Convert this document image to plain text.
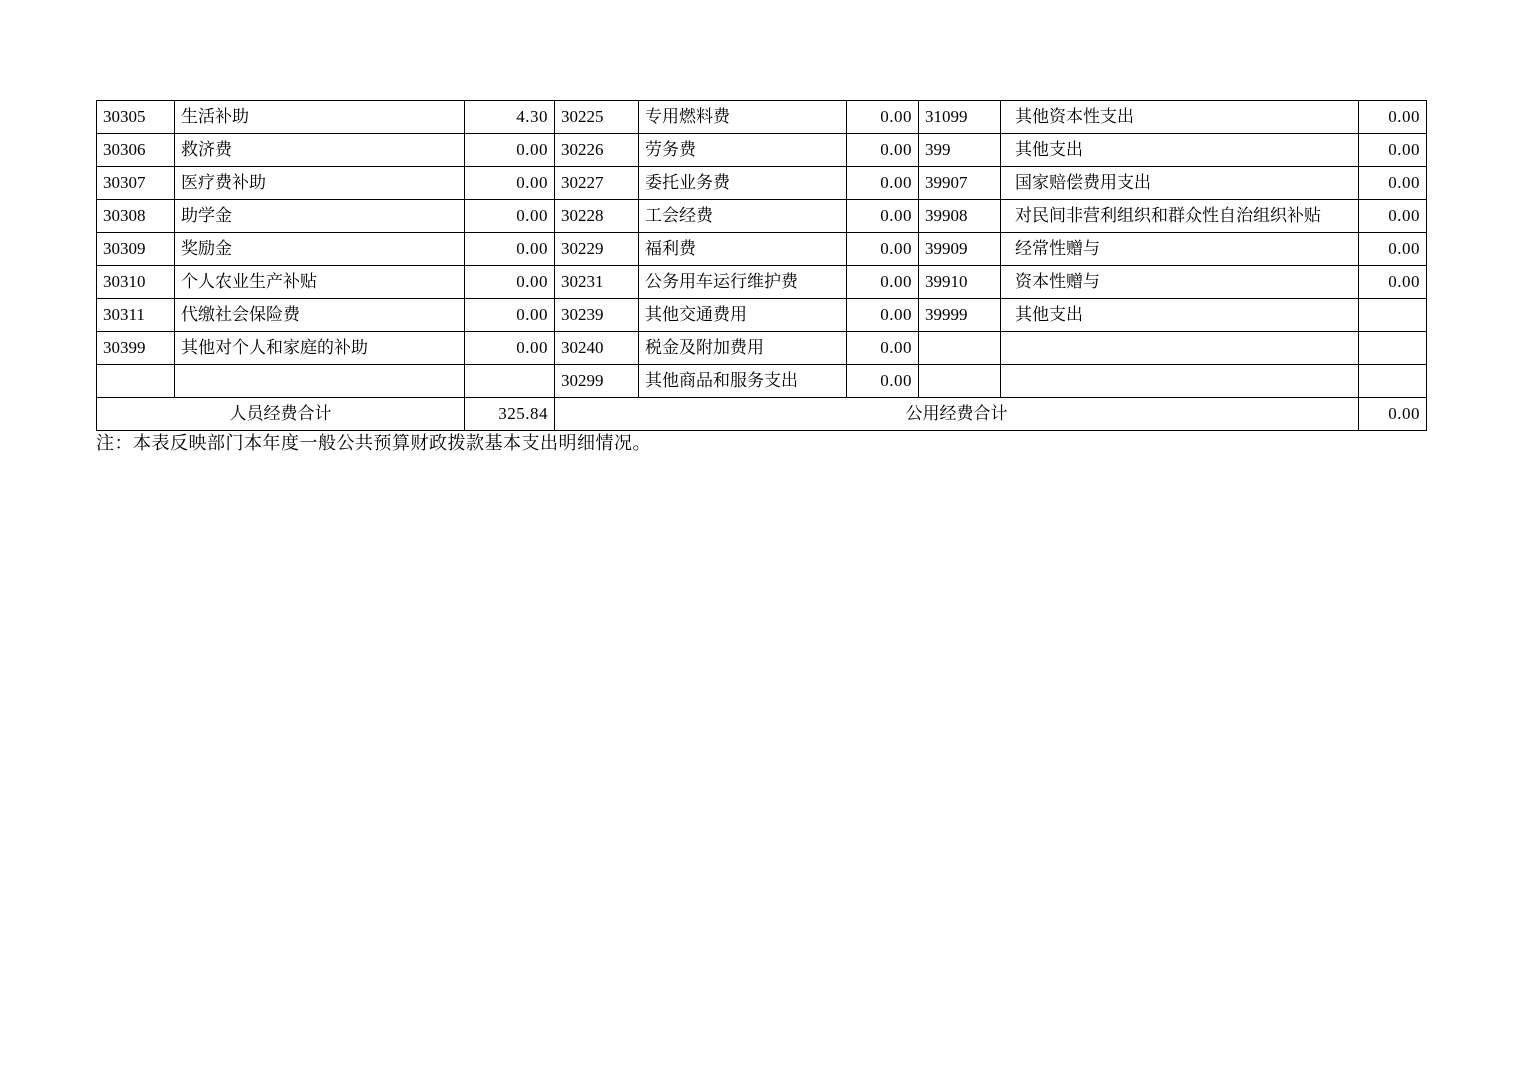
30305	生活补助	4.30	30225	专用燃料费	0.00	31099	其他资本性支出	0.00
30306	救济费	0.00	30226	劳务费	0.00	399	其他支出	0.00
30307	医疗费补助	0.00	30227	委托业务费	0.00	39907	国家赔偿费用支出	0.00
30308	助学金	0.00	30228	工会经费	0.00	39908	对民间非营利组织和群众性自治组织补贴	0.00
30309	奖励金	0.00	30229	福利费	0.00	39909	经常性赠与	0.00
30310	个人农业生产补贴	0.00	30231	公务用车运行维护费	0.00	39910	资本性赠与	0.00
30311	代缴社会保险费	0.00	30239	其他交通费用	0.00	39999	其他支出	
30399	其他对个人和家庭的补助	0.00	30240	税金及附加费用	0.00			
			30299	其他商品和服务支出	0.00			
人员经费合计		325.84	公用经费合计					0.00
注：本表反映部门本年度一般公共预算财政拨款基本支出明细情况。
